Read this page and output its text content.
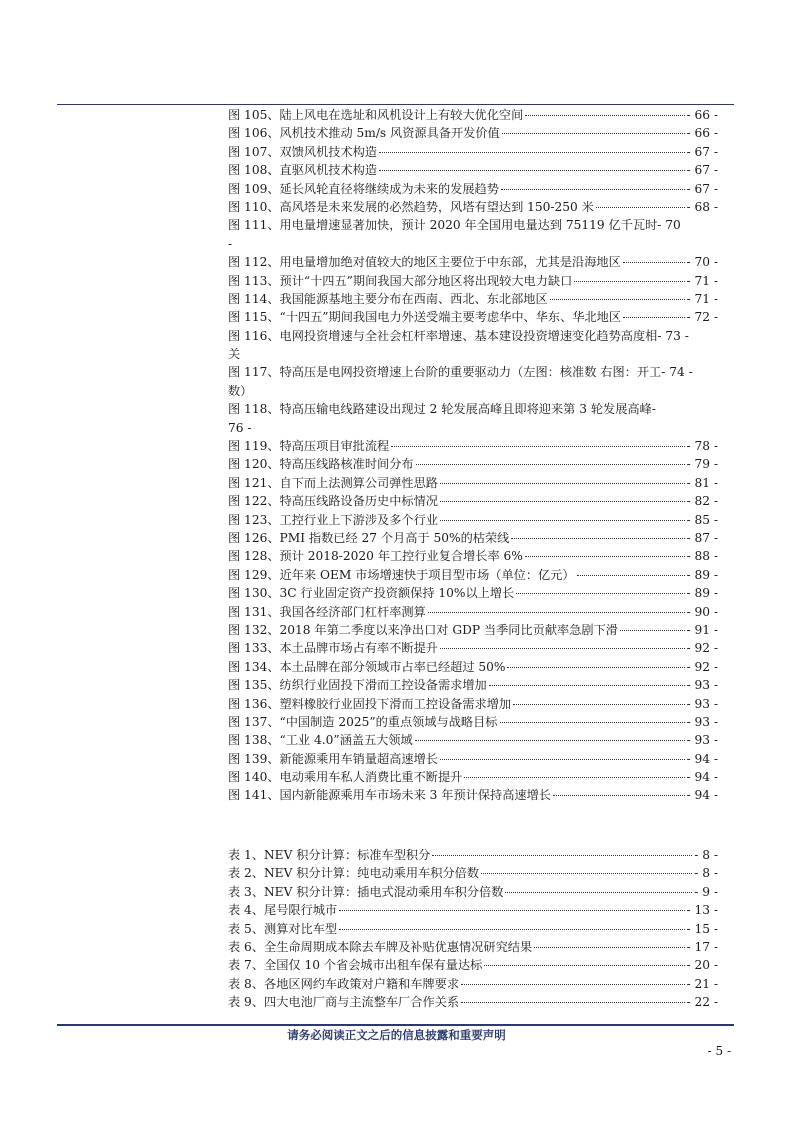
图 105、陆上风电在选址和风机设计上有较大优化空间	- 66 -
图 106、风机技术推动 5m/s 风资源具备开发价值	- 66 -
图 107、双馈风机技术构造	- 67 -
图 108、直驱风机技术构造	- 67 -
图 109、延长风轮直径将继续成为未来的发展趋势	- 67 -
图 110、高风塔是未来发展的必然趋势，风塔有望达到 150-250 米	- 68 -
图 111、用电量增速显著加快，预计 2020 年全国用电量达到 75119 亿千瓦时 - 70
-
图 112、用电量增加绝对值较大的地区主要位于中东部，尤其是沿海地区	- 70 -
图 113、预计“十四五”期间我国大部分地区将出现较大电力缺口	- 71 -
图 114、我国能源基地主要分布在西南、西北、东北部地区	- 71 -
图 115、“十四五”期间我国电力外送受端主要考虑华中、华东、华北地区	- 72 -
图 116、电网投资增速与全社会杠杆率增速、基本建设投资增速变化趋势高度相 - 73 -
关
图 117、特高压是电网投资增速上台阶的重要驱动力（左图：核准数 右图：开工 - 74 -
数）
图 118、特高压输电线路建设出现过 2 轮发展高峰且即将迎来第 3 轮发展高峰 -
76 -
图 119、特高压项目审批流程	- 78 -
图 120、特高压线路核准时间分布	- 79 -
图 121、自下而上法测算公司弹性思路	- 81 -
图 122、特高压线路设备历史中标情况	- 82 -
图 123、工控行业上下游涉及多个行业	- 85 -
图 126、PMI 指数已经 27 个月高于 50%的枯荣线	- 87 -
图 128、预计 2018-2020 年工控行业复合增长率 6%	- 88 -
图 129、近年来 OEM 市场增速快于项目型市场（单位：亿元）	- 89 -
图 130、3C 行业固定资产投资额保持 10%以上增长	- 89 -
图 131、我国各经济部门杠杆率测算	- 90 -
图 132、2018 年第二季度以来净出口对 GDP 当季同比贡献率急剧下滑	- 91 -
图 133、本土品牌市场占有率不断提升	- 92 -
图 134、本土品牌在部分领域市占率已经超过 50%	- 92 -
图 135、纺织行业固投下滑而工控设备需求增加	- 93 -
图 136、塑料橡胶行业固投下滑而工控设备需求增加	- 93 -
图 137、“中国制造 2025”的重点领域与战略目标	- 93 -
图 138、“工业 4.0”涵盖五大领域	- 93 -
图 139、新能源乘用车销量超高速增长	- 94 -
图 140、电动乘用车私人消费比重不断提升	- 94 -
图 141、国内新能源乘用车市场未来 3 年预计保持高速增长	- 94 -
表 1、NEV 积分计算：标准车型积分	- 8 -
表 2、NEV 积分计算：纯电动乘用车积分倍数	- 8 -
表 3、NEV 积分计算：插电式混动乘用车积分倍数	- 9 -
表 4、尾号限行城市	- 13 -
表 5、测算对比车型	- 15 -
表 6、全生命周期成本除去车牌及补贴优惠情况研究结果	- 17 -
表 7、全国仅 10 个省会城市出租车保有量达标	- 20 -
表 8、各地区网约车政策对户籍和车牌要求	- 21 -
表 9、四大电池厂商与主流整车厂合作关系	- 22 -
请务必阅读正文之后的信息披露和重要声明
- 5 -
